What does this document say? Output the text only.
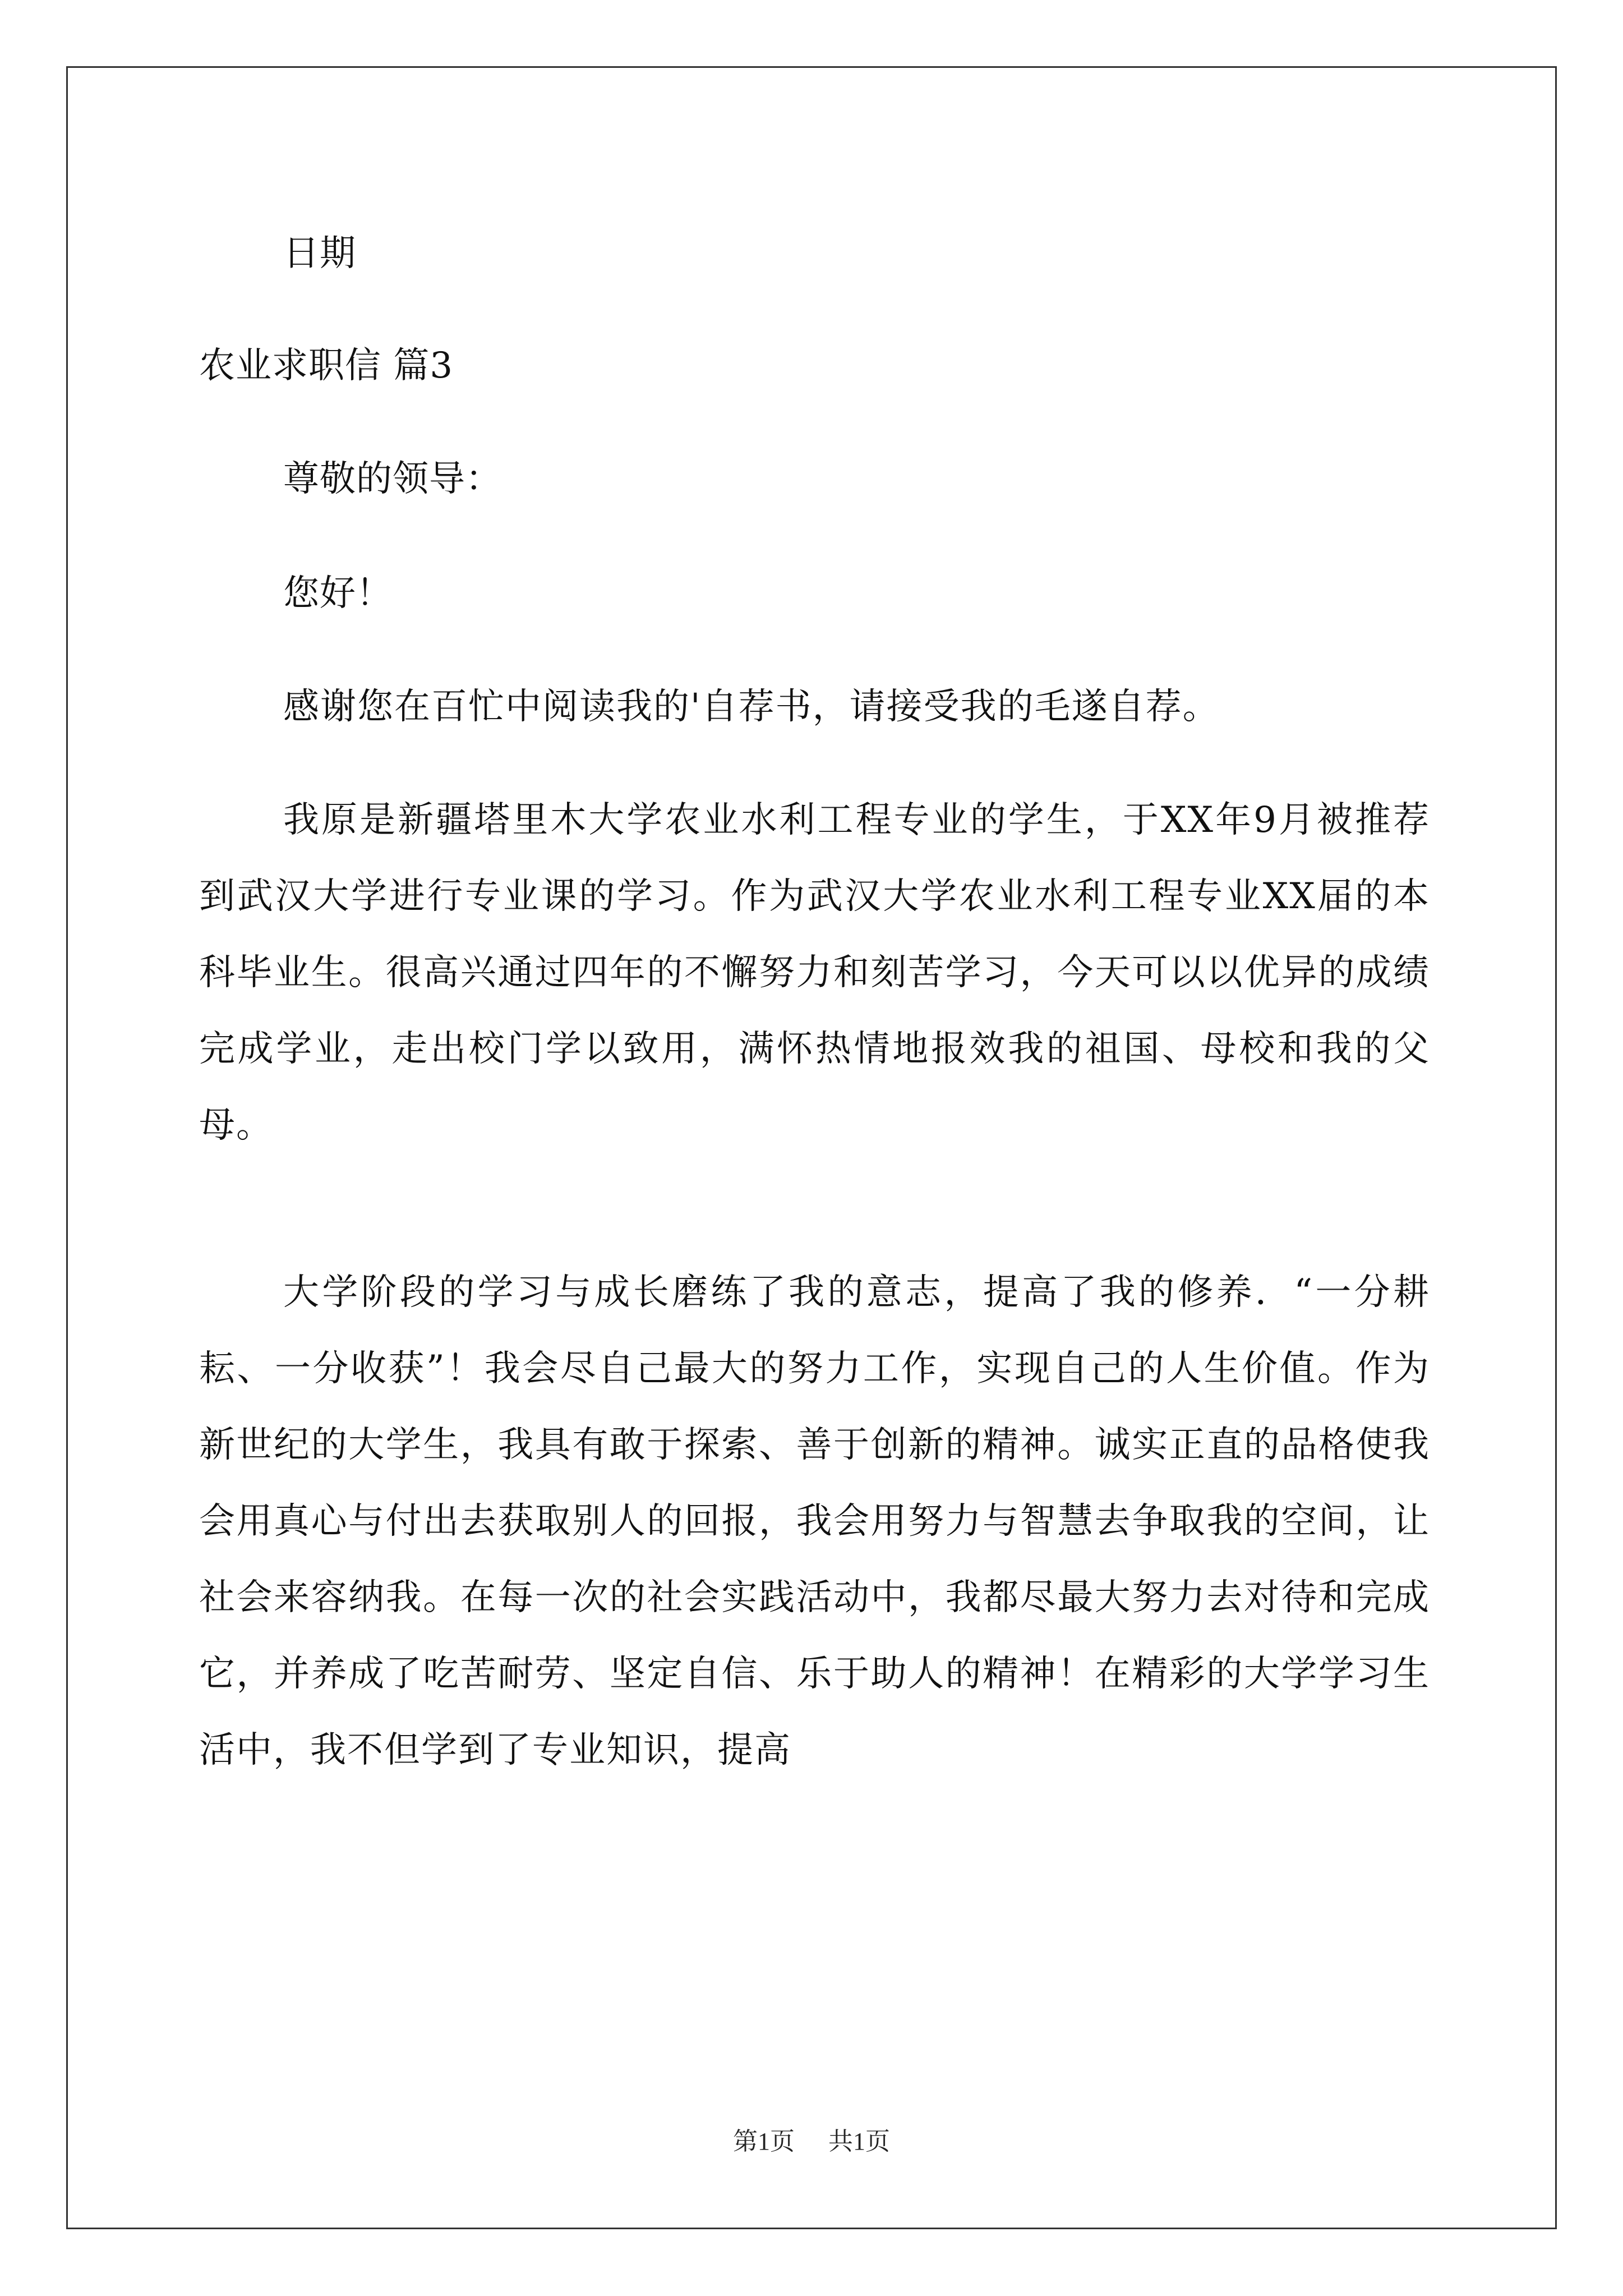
日期
农业求职信 篇3
尊敬的领导：
您好！
感谢您在百忙中阅读我的'自荐书，请接受我的毛遂自荐。
我原是新疆塔里木大学农业水利工程专业的学生，于XX年9月被推荐到武汉大学进行专业课的学习。作为武汉大学农业水利工程专业XX届的本科毕业生。很高兴通过四年的不懈努力和刻苦学习，今天可以以优异的成绩完成学业，走出校门学以致用，满怀热情地报效我的祖国、母校和我的父母。
大学阶段的学习与成长磨练了我的意志，提高了我的修养．“一分耕耘、一分收获”！我会尽自己最大的努力工作，实现自己的人生价值。作为新世纪的大学生，我具有敢于探索、善于创新的精神。诚实正直的品格使我会用真心与付出去获取别人的回报，我会用努力与智慧去争取我的空间，让社会来容纳我。在每一次的社会实践活动中，我都尽最大努力去对待和完成它，并养成了吃苦耐劳、坚定自信、乐于助人的精神！在精彩的大学学习生活中，我不但学到了专业知识，提高
第1页 共1页
